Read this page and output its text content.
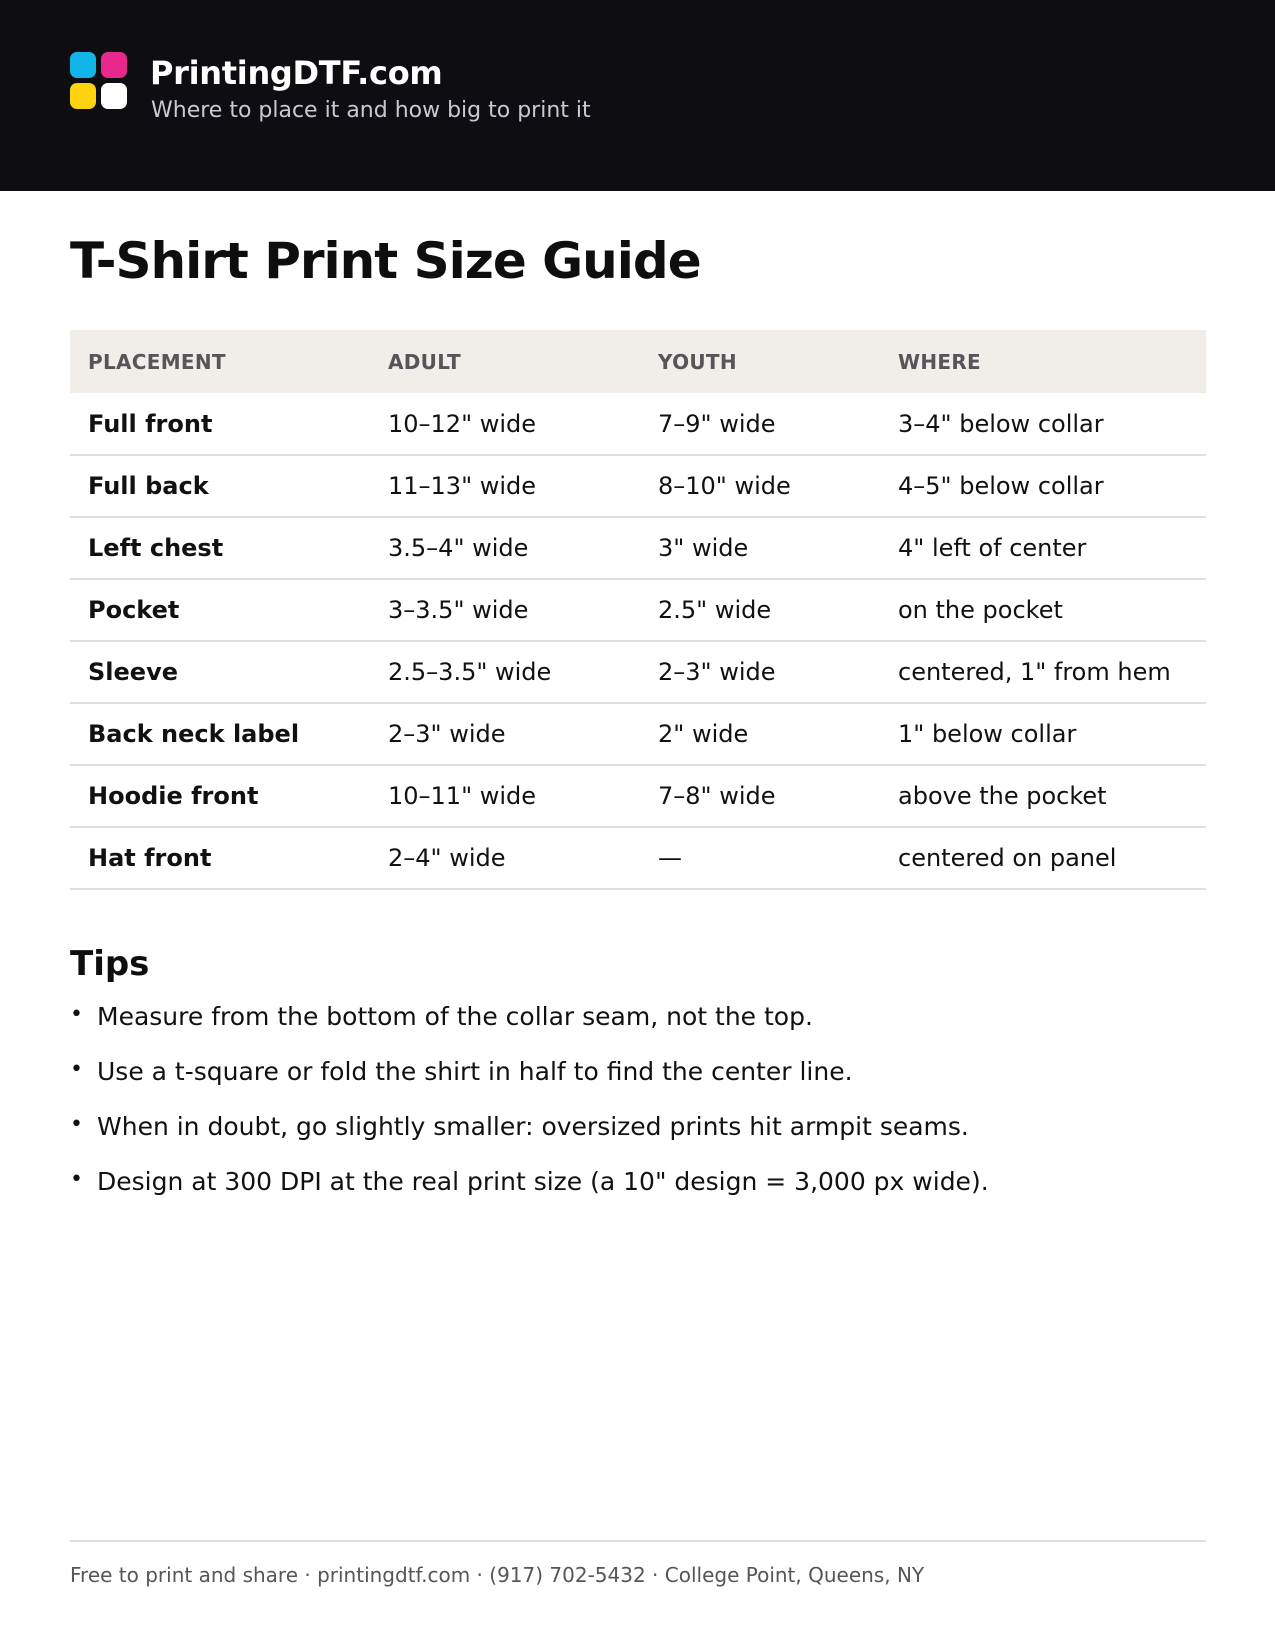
PrintingDTF.com
Where to place it and how big to print it
T-Shirt Print Size Guide
PLACEMENT	ADULT	YOUTH	WHERE
Full front	10–12" wide	7–9" wide	3–4" below collar
Full back	11–13" wide	8–10" wide	4–5" below collar
Left chest	3.5–4" wide	3" wide	4" left of center
Pocket	3–3.5" wide	2.5" wide	on the pocket
Sleeve	2.5–3.5" wide	2–3" wide	centered, 1" from hem
Back neck label	2–3" wide	2" wide	1" below collar
Hoodie front	10–11" wide	7–8" wide	above the pocket
Hat front	2–4" wide	—	centered on panel
Tips
• Measure from the bottom of the collar seam, not the top.
• Use a t-square or fold the shirt in half to find the center line.
• When in doubt, go slightly smaller: oversized prints hit armpit seams.
• Design at 300 DPI at the real print size (a 10" design = 3,000 px wide).
Free to print and share · printingdtf.com · (917) 702-5432 · College Point, Queens, NY
